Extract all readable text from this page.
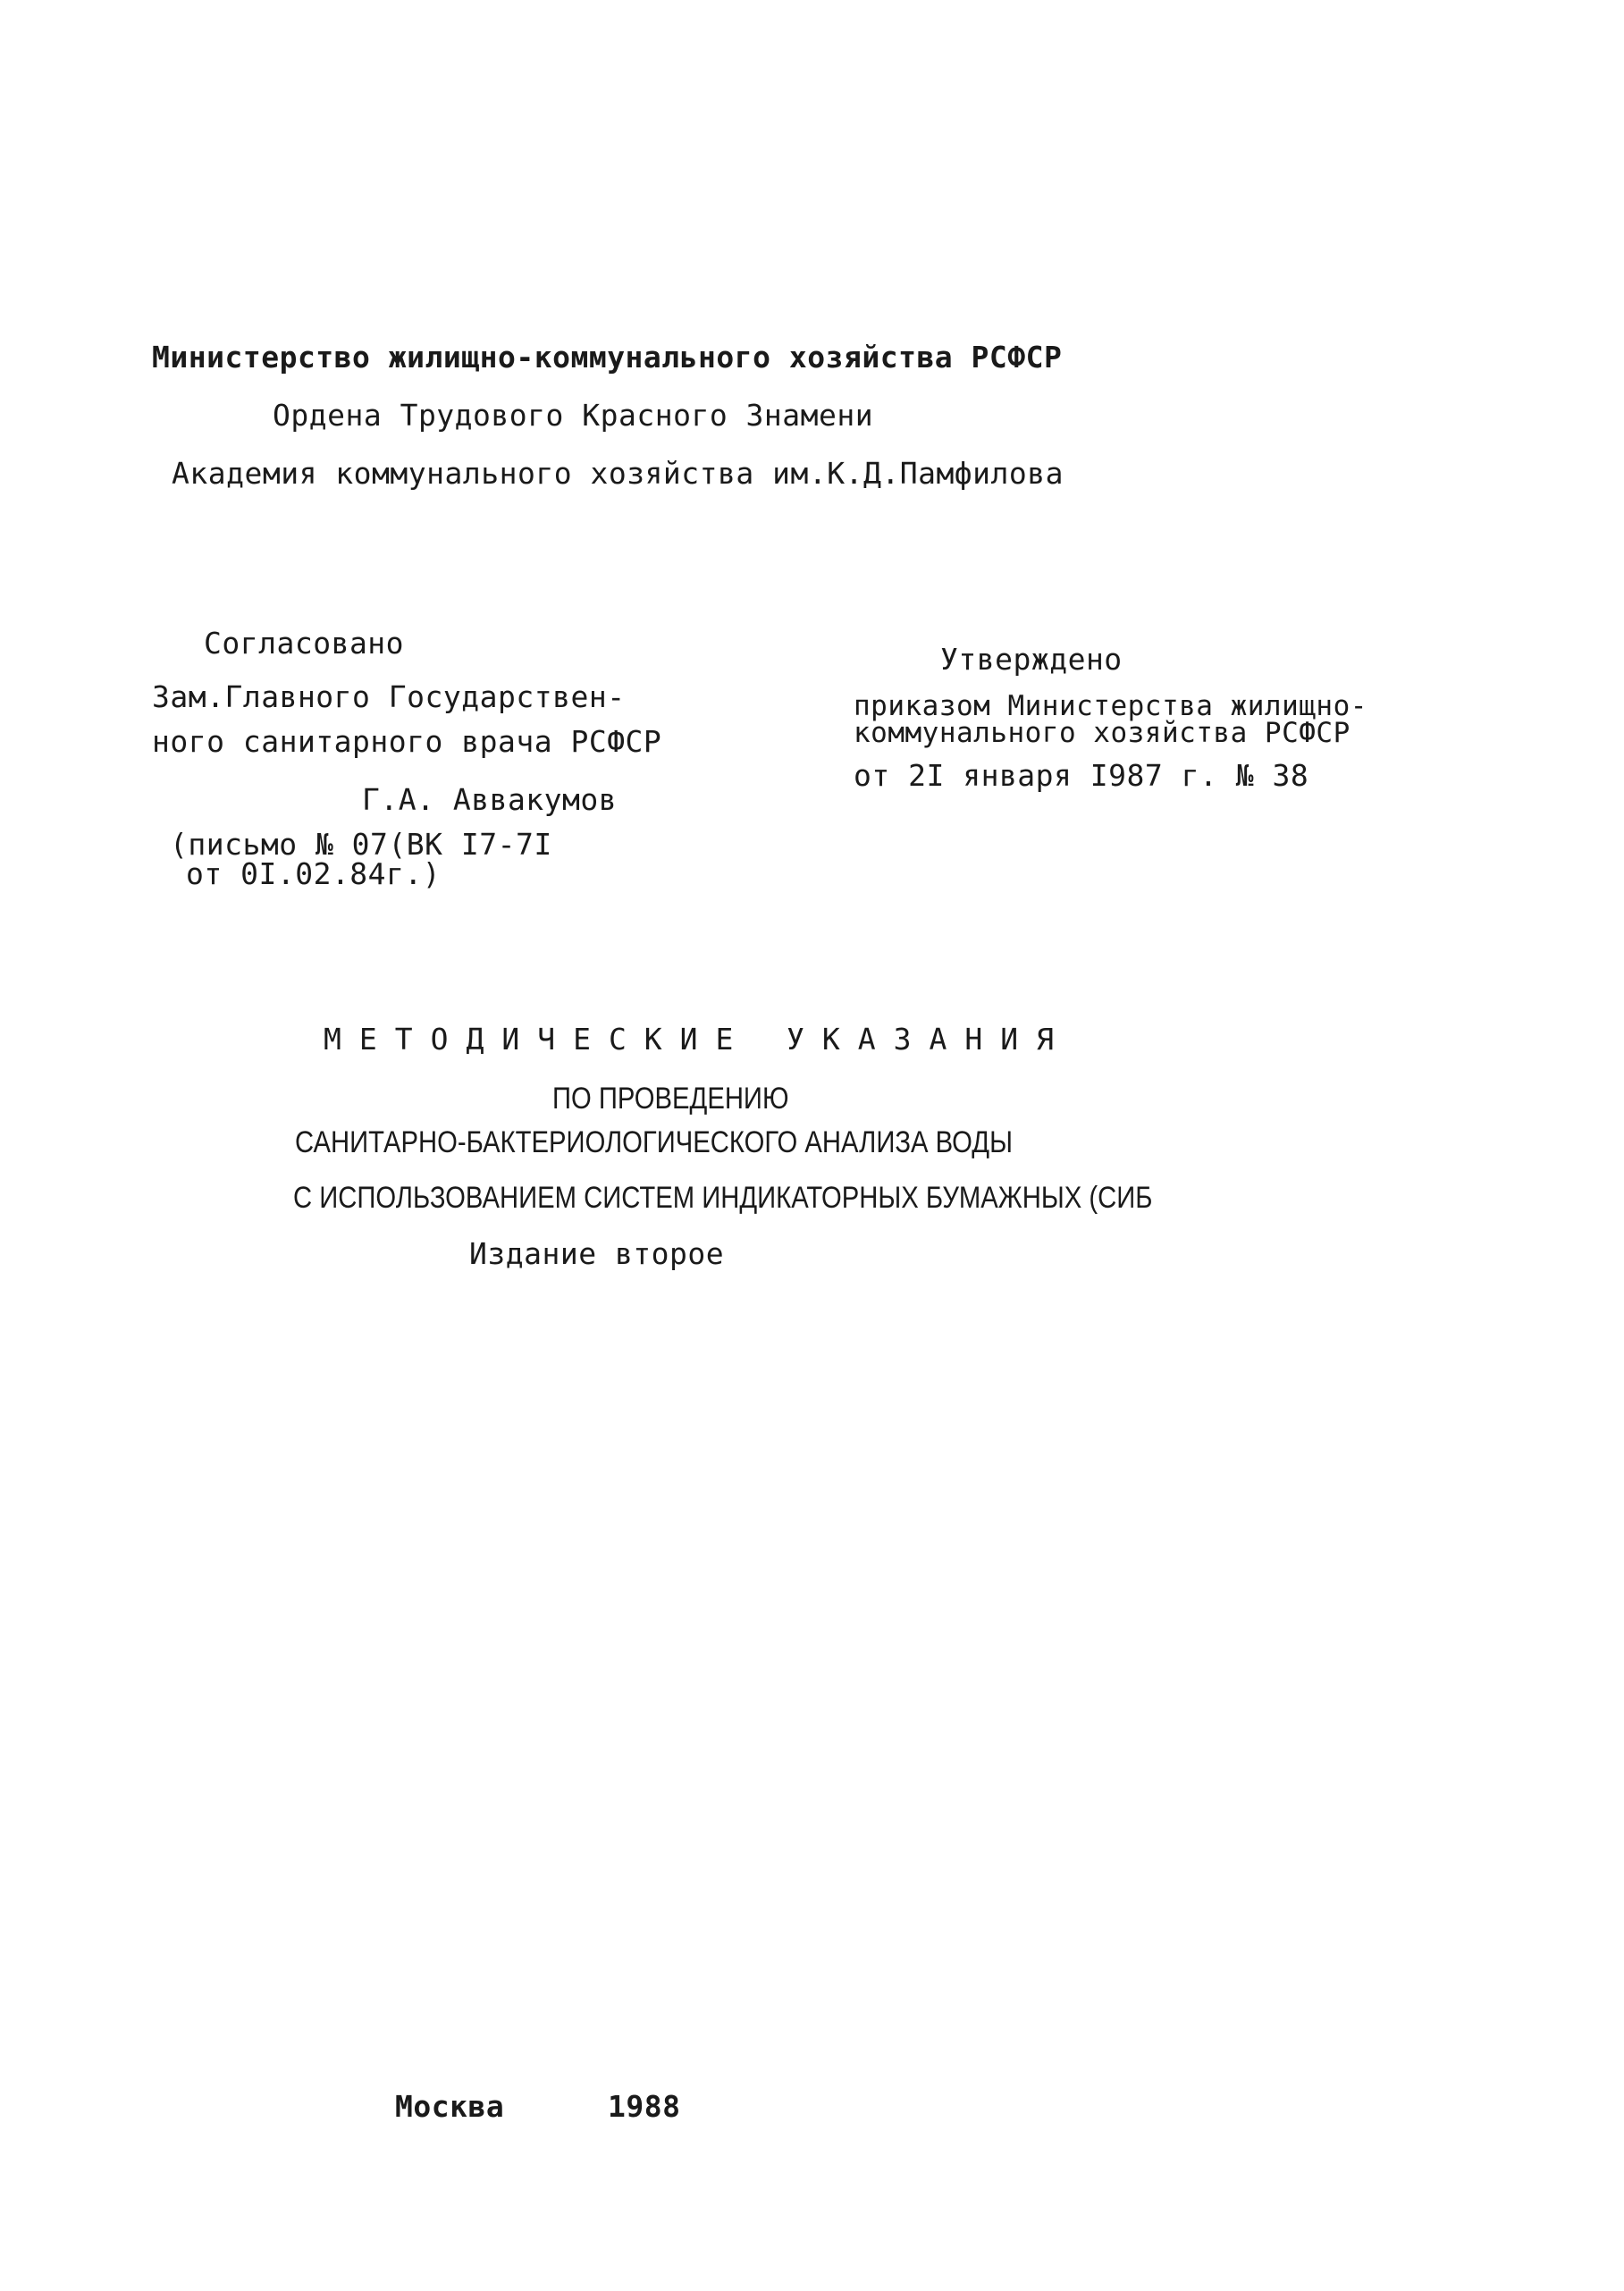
Министерство жилищно-коммунального хозяйства РСФСР
Ордена Трудового Красного Знамени
Академия коммунального хозяйства им.К.Д.Памфилова
Согласовано
Зам.Главного Государствен-
ного санитарного врача РСФСР
Г.А. Аввакумов
(письмо № 07(ВК I7-7I
от 0I.02.84г.)
Утверждено
приказом Министерства жилищно-
коммунального хозяйства РСФСР
от 2I января I987 г. № 38
МЕТОДИЧЕСКИЕ УКАЗАНИЯ
ПО ПРОВЕДЕНИЮ
САНИТАРНО-БАКТЕРИОЛОГИЧЕСКОГО АНАЛИЗА ВОДЫ
С ИСПОЛЬЗОВАНИЕМ СИСТЕМ ИНДИКАТОРНЫХ БУМАЖНЫХ (СИБ
Издание второе
Москва	1988
